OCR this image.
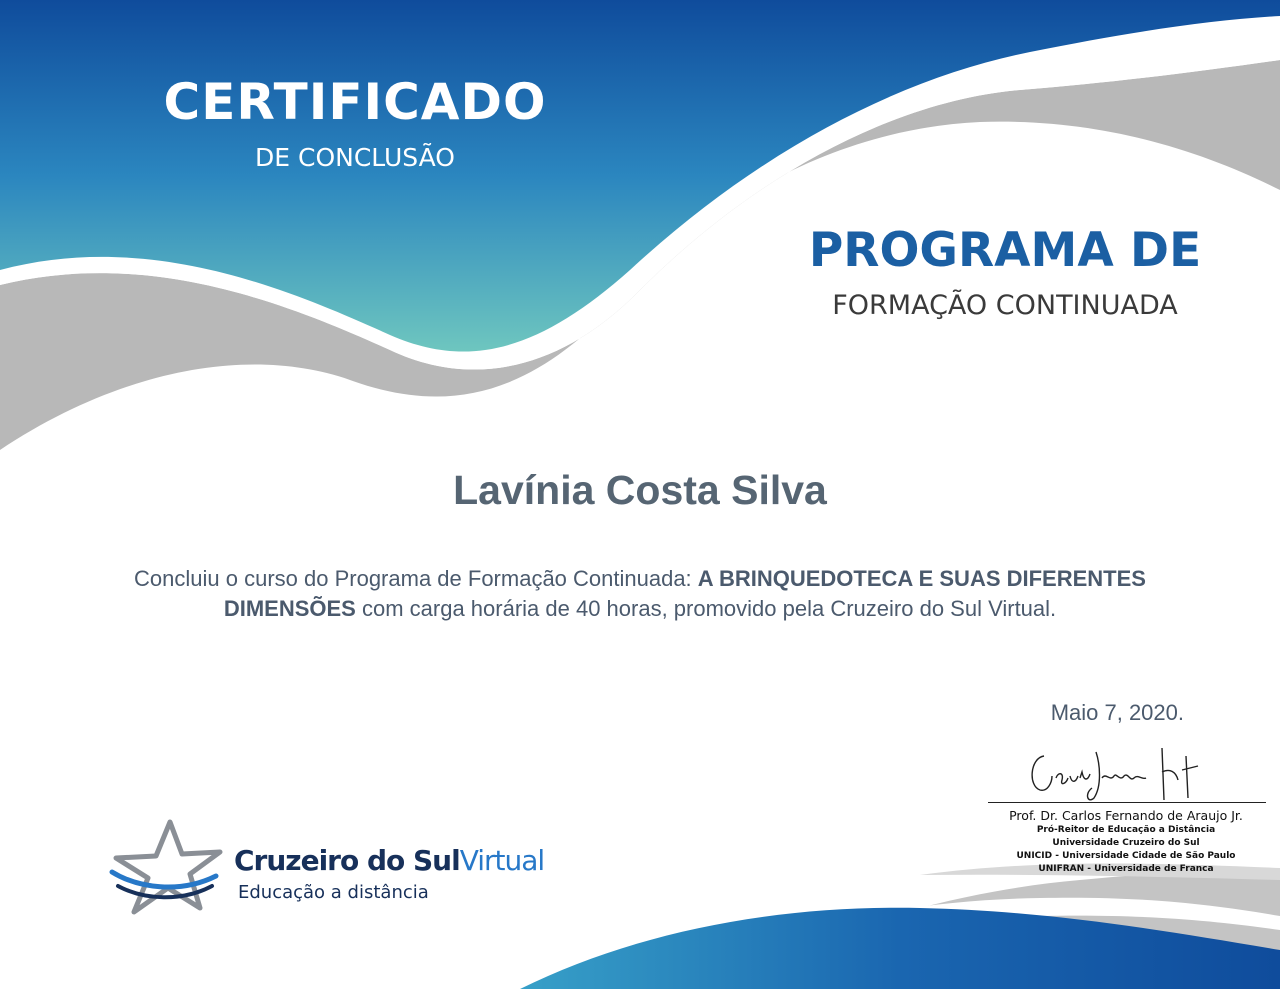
CERTIFICADO
DE CONCLUSÃO
PROGRAMA DE
FORMAÇÃO CONTINUADA
Lavínia Costa Silva

Concluiu o curso do Programa de Formação Continuada: A BRINQUEDOTECA E SUAS DIFERENTES DIMENSÕES com carga horária de 40 horas, promovido pela Cruzeiro do Sul Virtual.

Maio 7, 2020.
Prof. Dr. Carlos Fernando de Araujo Jr.
Pró-Reitor de Educação a Distância
Universidade Cruzeiro do Sul
UNICID - Universidade Cidade de São Paulo
UNIFRAN - Universidade de Franca
Cruzeiro do SulVirtual
Educação a distância
